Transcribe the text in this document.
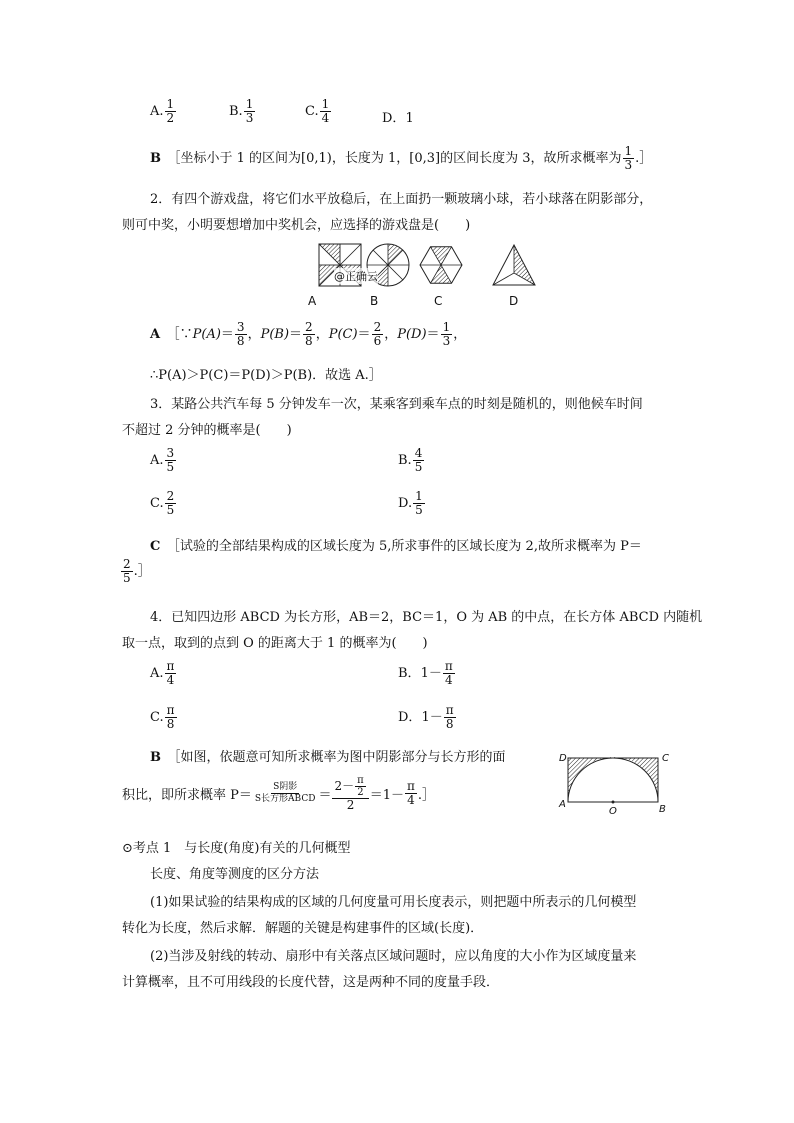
A. $\frac{1}{2}$	B. $\frac{1}{3}$	C. $\frac{1}{4}$	D．1
B　 ［坐标小于 1 的区间为[0,1)，长度为 1，[0,3]的区间长度为 3，故所求概率为 $\frac{1}{3}$ .］
2．有四个游戏盘，将它们水平放稳后，在上面扔一颗玻璃小球，若小球落在阴影部分，
则可中奖，小明要想增加中奖机会，应选择的游戏盘是(　　)
@正确云
A	B	C	D
A　 ［∵P(A)＝ $\frac{3}{8}$ ，$P(B)= \frac{2}{8}$ ，$P(C)= \frac{2}{6}$ ，$P(D)= \frac{1}{3}$ ，
∴P(A)＞P(C)＝P(D)＞P(B)．故选 A.］
3．某路公共汽车每 5 分钟发车一次，某乘客到乘车点的时刻是随机的，则他候车时间
不超过 2 分钟的概率是(　　)
A. $\frac{3}{5}$	B. $\frac{4}{5}$
C. $\frac{2}{5}$	D. $\frac{1}{5}$
C　 ［试验的全部结果构成的区域长度为 5,所求事件的区域长度为 2,故所求概率为 P＝
$\frac{2}{5}$ .］
4．已知四边形 ABCD 为长方形，AB＝2，BC＝1，O 为 AB 的中点，在长方体 ABCD 内随机
取一点，取到的点到 O 的距离大于 1 的概率为(　　)
A. $\frac{\pi}{4}$	B．$1- \frac{\pi}{4}$
C. $\frac{\pi}{8}$	D．$1- \frac{\pi}{8}$
B　 ［如图，依题意可知所求概率为图中阴影部分与长方形的面
积比，即所求概率 $P= \frac{\text{S阴影}}{\text{S长方形ABCD}} = \frac{2- \frac{\pi}{2}}{2} =1- \frac{\pi}{4}$ .］
D	C
A
O	B
⊙考点 1　与长度(角度)有关的几何概型
长度、角度等测度的区分方法
(1)如果试验的结果构成的区域的几何度量可用长度表示，则把题中所表示的几何模型
转化为长度，然后求解．解题的关键是构建事件的区域(长度)．
(2)当涉及射线的转动、扇形中有关落点区域问题时，应以角度的大小作为区域度量来
计算概率，且不可用线段的长度代替，这是两种不同的度量手段．
